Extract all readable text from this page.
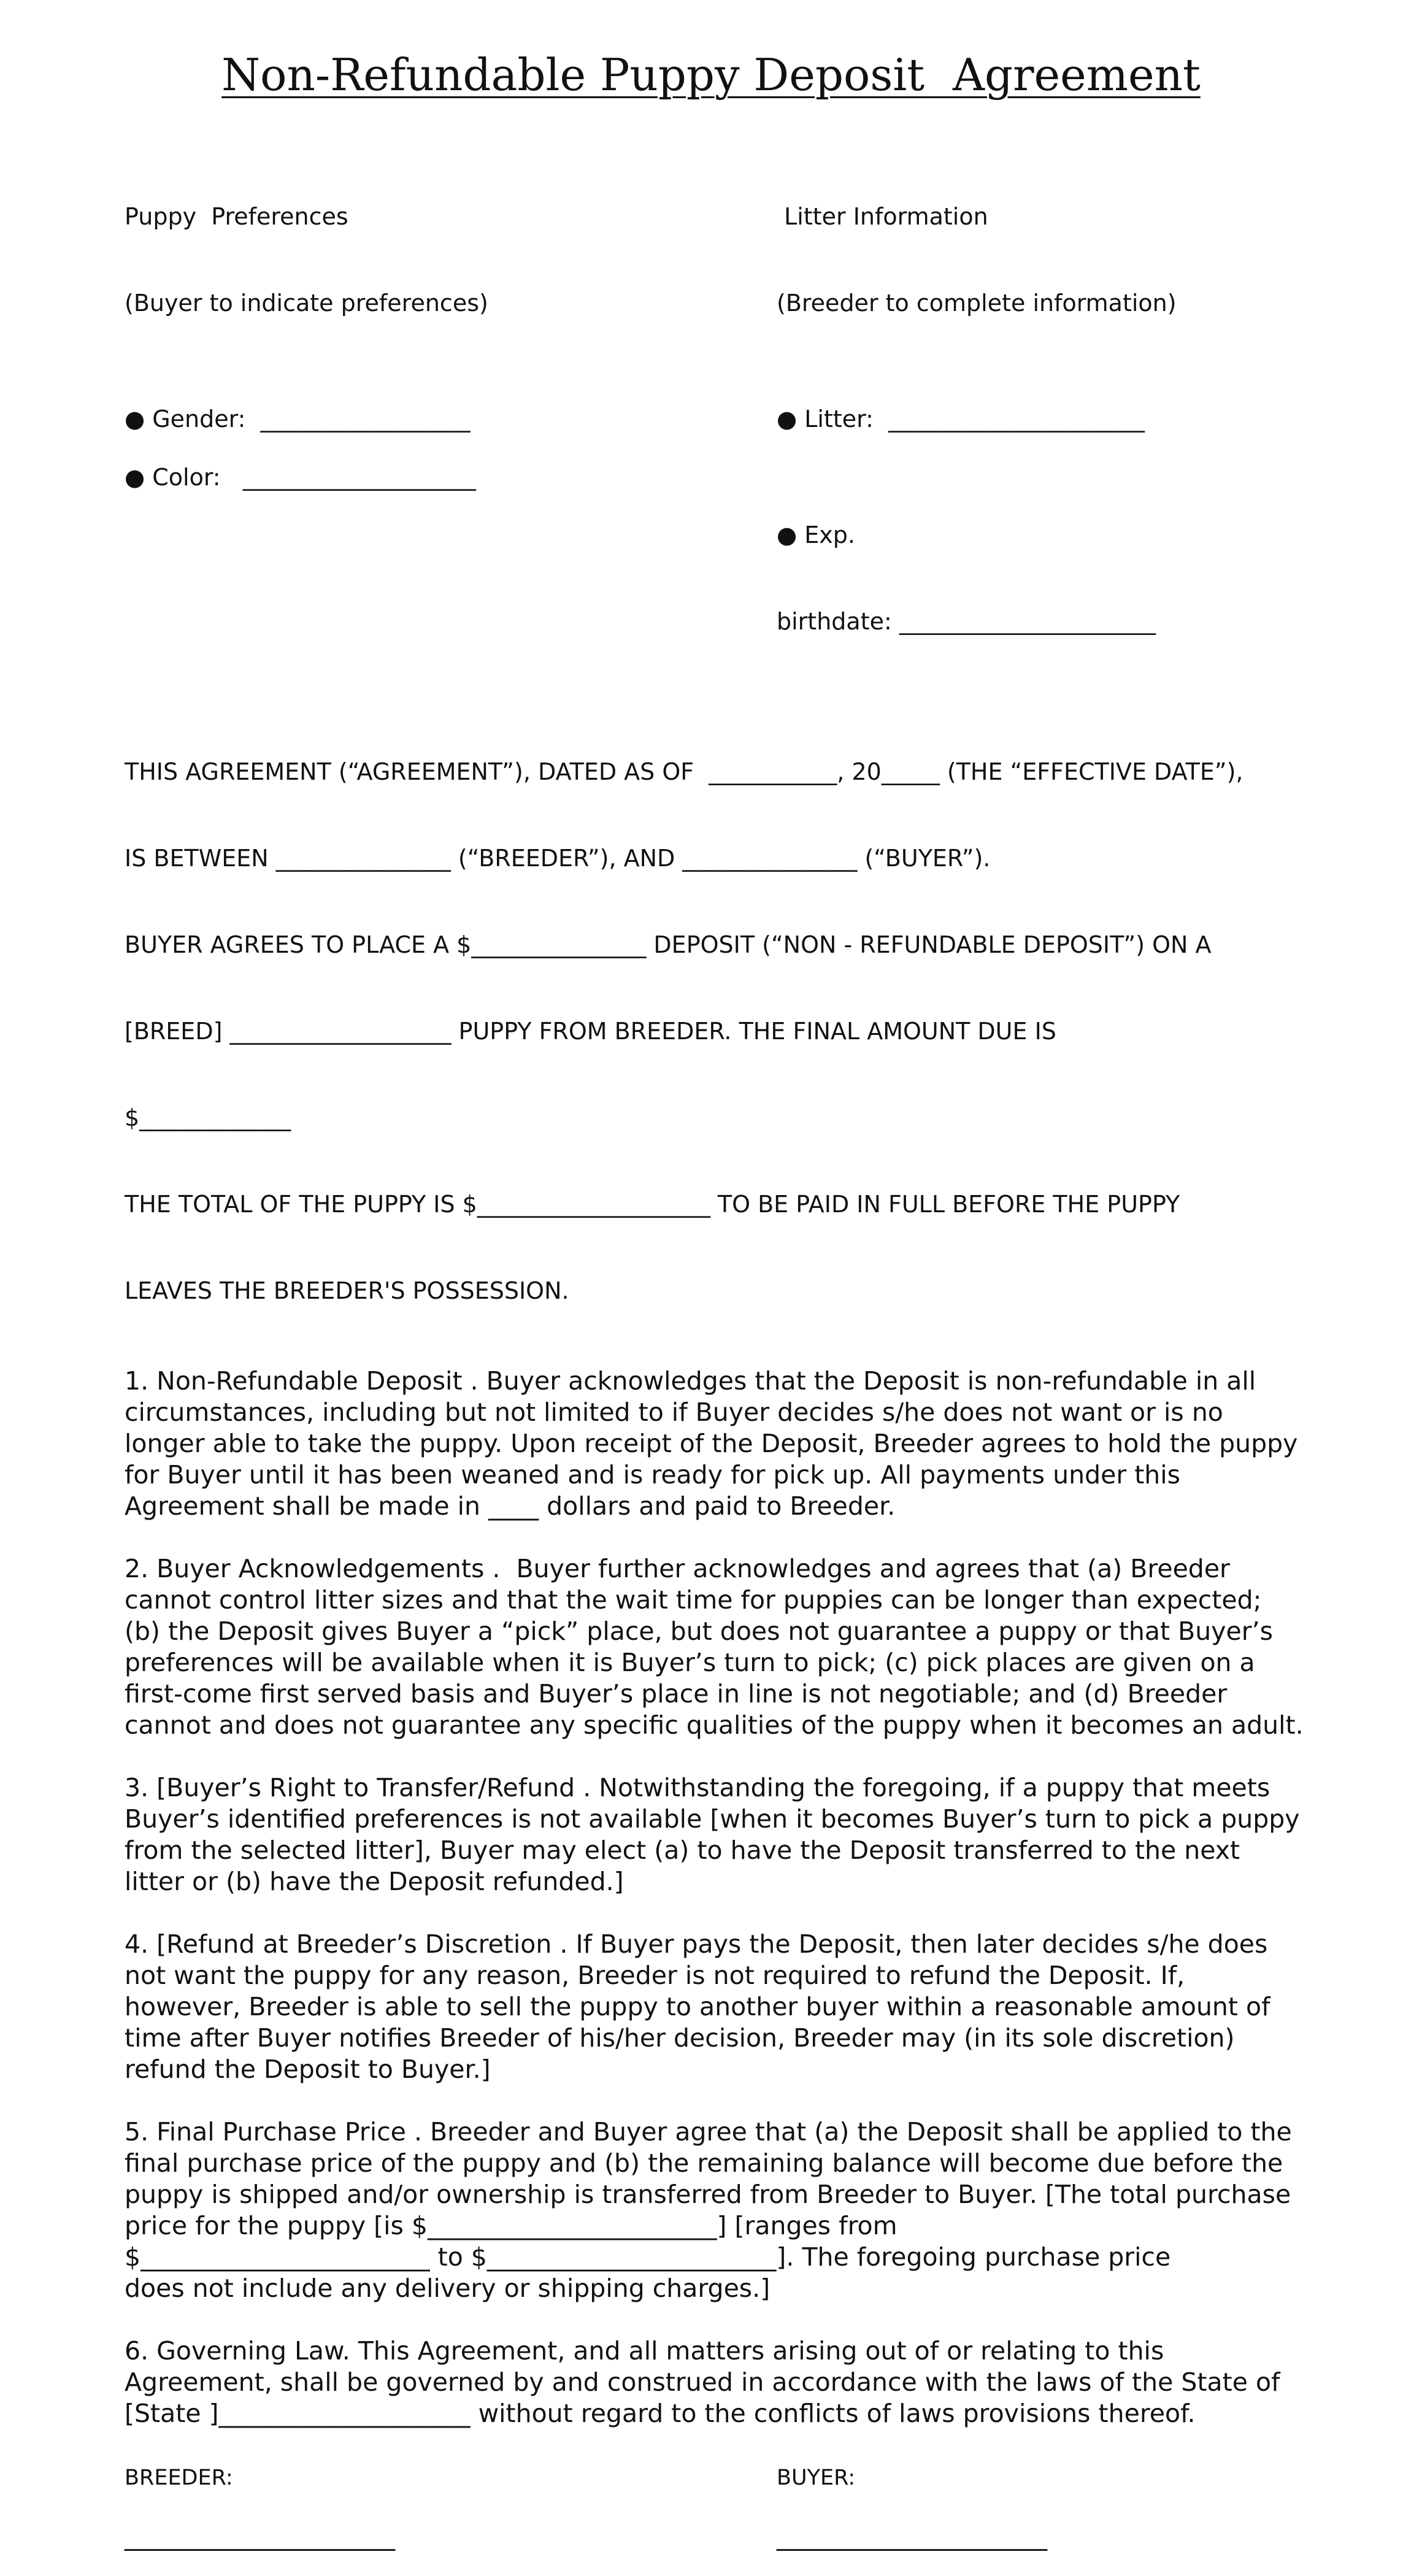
Non-Refundable Puppy Deposit  Agreement

Puppy  Preferences

(Buyer to indicate preferences)

Litter Information

(Breeder to complete information)

● Gender:  __________________	● Litter:  ______________________
● Color:   ____________________

● Exp.

birthdate: ______________________

THIS AGREEMENT (“AGREEMENT”), DATED AS OF  ___________, 20_____ (THE “EFFECTIVE DATE”),

IS BETWEEN _______________ (“BREEDER”), AND _______________ (“BUYER”).

BUYER AGREES TO PLACE A $_______________ DEPOSIT (“NON - REFUNDABLE DEPOSIT”) ON A

[BREED] ___________________ PUPPY FROM BREEDER. THE FINAL AMOUNT DUE IS

$_____________

THE TOTAL OF THE PUPPY IS $____________________ TO BE PAID IN FULL BEFORE THE PUPPY

LEAVES THE BREEDER'S POSSESSION.

1. Non-Refundable Deposit . Buyer acknowledges that the Deposit is non-refundable in all
circumstances, including but not limited to if Buyer decides s/he does not want or is no
longer able to take the puppy. Upon receipt of the Deposit, Breeder agrees to hold the puppy
for Buyer until it has been weaned and is ready for pick up. All payments under this
Agreement shall be made in ____ dollars and paid to Breeder.
2. Buyer Acknowledgements .  Buyer further acknowledges and agrees that (a) Breeder
cannot control litter sizes and that the wait time for puppies can be longer than expected;
(b) the Deposit gives Buyer a “pick” place, but does not guarantee a puppy or that Buyer’s
preferences will be available when it is Buyer’s turn to pick; (c) pick places are given on a
first-come first served basis and Buyer’s place in line is not negotiable; and (d) Breeder
cannot and does not guarantee any specific qualities of the puppy when it becomes an adult.
3. [Buyer’s Right to Transfer/Refund . Notwithstanding the foregoing, if a puppy that meets
Buyer’s identified preferences is not available [when it becomes Buyer’s turn to pick a puppy
from the selected litter], Buyer may elect (a) to have the Deposit transferred to the next
litter or (b) have the Deposit refunded.]
4. [Refund at Breeder’s Discretion . If Buyer pays the Deposit, then later decides s/he does
not want the puppy for any reason, Breeder is not required to refund the Deposit. If,
however, Breeder is able to sell the puppy to another buyer within a reasonable amount of
time after Buyer notifies Breeder of his/her decision, Breeder may (in its sole discretion)
refund the Deposit to Buyer.]
5. Final Purchase Price . Breeder and Buyer agree that (a) the Deposit shall be applied to the
final purchase price of the puppy and (b) the remaining balance will become due before the
puppy is shipped and/or ownership is transferred from Breeder to Buyer. [The total purchase
price for the puppy [is $_______________________] [ranges from
$_______________________ to $_______________________]. The foregoing purchase price
does not include any delivery or shipping charges.]
6. Governing Law. This Agreement, and all matters arising out of or relating to this
Agreement, shall be governed by and construed in accordance with the laws of the State of
[State ]____________________ without regard to the conflicts of laws provisions thereof.
BREEDER:	BUYER:
_____________________	_____________________
